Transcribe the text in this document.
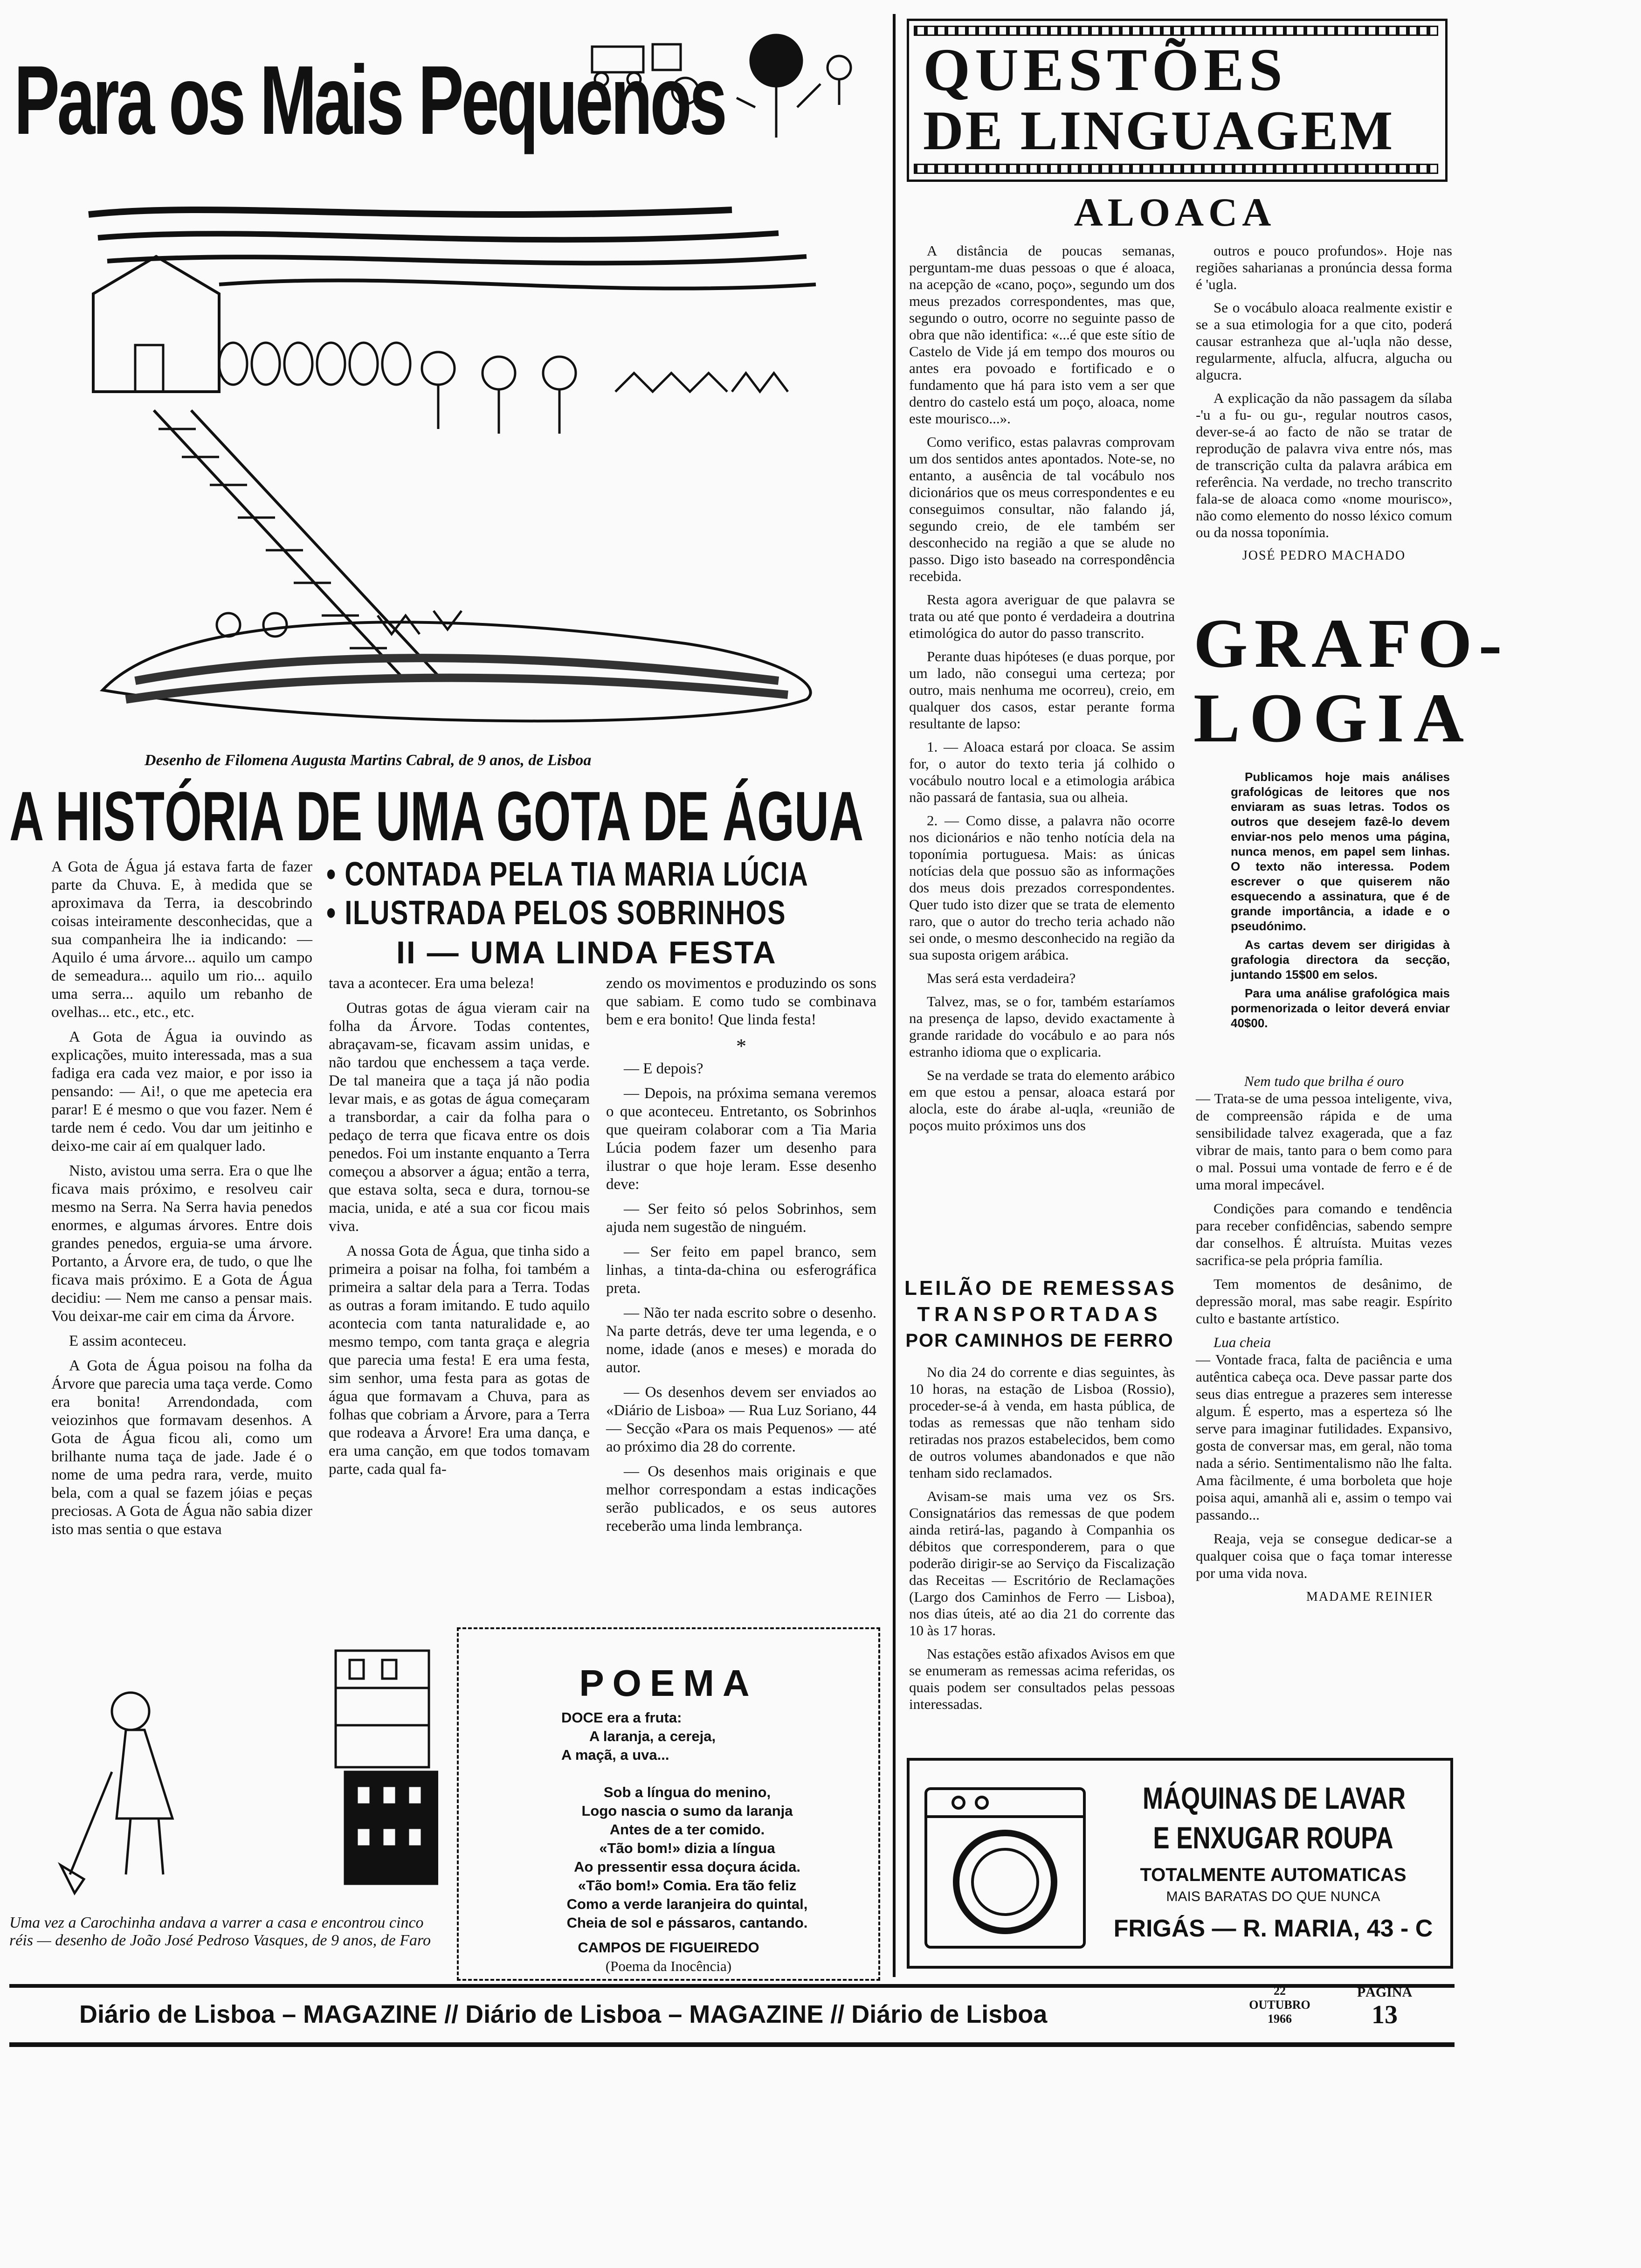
Para os Mais Pequenos
Desenho de Filomena Augusta Martins Cabral, de 9 anos, de Lisboa
A HISTÓRIA DE UMA GOTA DE ÁGUA
• CONTADA PELA TIA MARIA LÚCIA
• ILUSTRADA PELOS SOBRINHOS
II — UMA LINDA FESTA

A Gota de Água já estava farta de fazer parte da Chuva. E, à medida que se aproximava da Terra, ia descobrindo coisas inteiramente desconhecidas, que a sua companheira lhe ia indicando: — Aquilo é uma árvore... aquilo um campo de semeadura... aquilo um rio... aquilo uma serra... aquilo um rebanho de ovelhas... etc., etc., etc.

A Gota de Água ia ouvindo as explicações, muito interessada, mas a sua fadiga era cada vez maior, e por isso ia pensando: — Ai!, o que me apetecia era parar! E é mesmo o que vou fazer. Nem é tarde nem é cedo. Vou dar um jeitinho e deixo-me cair aí em qualquer lado.

Nisto, avistou uma serra. Era o que lhe ficava mais próximo, e resolveu cair mesmo na Serra. Na Serra havia penedos enormes, e algumas árvores. Entre dois grandes penedos, erguia-se uma árvore. Portanto, a Árvore era, de tudo, o que lhe ficava mais próximo. E a Gota de Água decidiu: — Nem me canso a pensar mais. Vou deixar-me cair em cima da Árvore.

E assim aconteceu.

A Gota de Água poisou na folha da Árvore que parecia uma taça verde. Como era bonita! Arrendondada, com veiozinhos que formavam desenhos. A Gota de Água ficou ali, como um brilhante numa taça de jade. Jade é o nome de uma pedra rara, verde, muito bela, com a qual se fazem jóias e peças preciosas. A Gota de Água não sabia dizer isto mas sentia o que estava

tava a acontecer. Era uma beleza!

Outras gotas de água vieram cair na folha da Árvore. Todas contentes, abraçavam-se, ficavam assim unidas, e não tardou que enchessem a taça verde. De tal maneira que a taça já não podia levar mais, e as gotas de água começaram a transbordar, a cair da folha para o pedaço de terra que ficava entre os dois penedos. Foi um instante enquanto a Terra começou a absorver a água; então a terra, que estava solta, seca e dura, tornou-se macia, unida, e até a sua cor ficou mais viva.

A nossa Gota de Água, que tinha sido a primeira a poisar na folha, foi também a primeira a saltar dela para a Terra. Todas as outras a foram imitando. E tudo aquilo acontecia com tanta naturalidade e, ao mesmo tempo, com tanta graça e alegria que parecia uma festa! E era uma festa, sim senhor, uma festa para as gotas de água que formavam a Chuva, para as folhas que cobriam a Árvore, para a Terra que rodeava a Árvore! Era uma dança, e era uma canção, em que todos tomavam parte, cada qual fa-

zendo os movimentos e produzindo os sons que sabiam. E como tudo se combinava bem e era bonito! Que linda festa!

*

— E depois?

— Depois, na próxima semana veremos o que aconteceu. Entretanto, os Sobrinhos que queiram colaborar com a Tia Maria Lúcia podem fazer um desenho para ilustrar o que hoje leram. Esse desenho deve:

— Ser feito só pelos Sobrinhos, sem ajuda nem sugestão de ninguém.

— Ser feito em papel branco, sem linhas, a tinta-da-china ou esferográfica preta.

— Não ter nada escrito sobre o desenho. Na parte detrás, deve ter uma legenda, e o nome, idade (anos e meses) e morada do autor.

— Os desenhos devem ser enviados ao «Diário de Lisboa» — Rua Luz Soriano, 44 — Secção «Para os mais Pequenos» — até ao próximo dia 28 do corrente.

— Os desenhos mais originais e que melhor correspondam a estas indicações serão publicados, e os seus autores receberão uma linda lembrança.

Uma vez a Carochinha andava a varrer a casa e encontrou cinco réis — desenho de João José Pedroso Vasques, de 9 anos, de Faro
POEMA
DOCE era a fruta:
A laranja, a cereja,
A maçã, a uva...
Sob a língua do menino,
Logo nascia o sumo da laranja
Antes de a ter comido.
«Tão bom!» dizia a língua
Ao pressentir essa doçura ácida.
«Tão bom!» Comia. Era tão feliz
Como a verde laranjeira do quintal,
Cheia de sol e pássaros, cantando.
CAMPOS DE FIGUEIREDO
(Poema da Inocência)
QUESTÕES
DE LINGUAGEM
ALOACA

A distância de poucas semanas, perguntam-me duas pessoas o que é aloaca, na acepção de «cano, poço», segundo um dos meus prezados correspondentes, mas que, segundo o outro, ocorre no seguinte passo de obra que não identifica: «...é que este sítio de Castelo de Vide já em tempo dos mouros ou antes era povoado e fortificado e o fundamento que há para isto vem a ser que dentro do castelo está um poço, aloaca, nome este mourisco...».

Como verifico, estas palavras comprovam um dos sentidos antes apontados. Note-se, no entanto, a ausência de tal vocábulo nos dicionários que os meus correspondentes e eu conseguimos consultar, não falando já, segundo creio, de ele também ser desconhecido na região a que se alude no passo. Digo isto baseado na correspondência recebida.

Resta agora averiguar de que palavra se trata ou até que ponto é verdadeira a doutrina etimológica do autor do passo transcrito.

Perante duas hipóteses (e duas porque, por um lado, não consegui uma certeza; por outro, mais nenhuma me ocorreu), creio, em qualquer dos casos, estar perante forma resultante de lapso:

1. — Aloaca estará por cloaca. Se assim for, o autor do texto teria já colhido o vocábulo noutro local e a etimologia arábica não passará de fantasia, sua ou alheia.

2. — Como disse, a palavra não ocorre nos dicionários e não tenho notícia dela na toponímia portuguesa. Mais: as únicas notícias dela que possuo são as informações dos meus dois prezados correspondentes. Quer tudo isto dizer que se trata de elemento raro, que o autor do trecho teria achado não sei onde, o mesmo desconhecido na região da sua suposta origem arábica.

Mas será esta verdadeira?

Talvez, mas, se o for, também estaríamos na presença de lapso, devido exactamente à grande raridade do vocábulo e ao para nós estranho idioma que o explicaria.

Se na verdade se trata do elemento arábico em que estou a pensar, aloaca estará por alocla, este do árabe al-uqla, «reunião de poços muito próximos uns dos

outros e pouco profundos». Hoje nas regiões saharianas a pronúncia dessa forma é 'ugla.

Se o vocábulo aloaca realmente existir e se a sua etimologia for a que cito, poderá causar estranheza que al-'uqla não desse, regularmente, alfucla, alfucra, algucha ou algucra.

A explicação da não passagem da sílaba -'u a fu- ou gu-, regular noutros casos, dever-se-á ao facto de não se tratar de reprodução de palavra viva entre nós, mas de transcrição culta da palavra arábica em referência. Na verdade, no trecho transcrito fala-se de aloaca como «nome mourisco», não como elemento do nosso léxico comum ou da nossa toponímia.

JOSÉ PEDRO MACHADO
GRAFO-
LOGIA

Publicamos hoje mais análises grafológicas de leitores que nos enviaram as suas letras. Todos os outros que desejem fazê-lo devem enviar-nos pelo menos uma página, nunca menos, em papel sem linhas. O texto não interessa. Podem escrever o que quiserem não esquecendo a assinatura, que é de grande importância, a idade e o pseudónimo.

As cartas devem ser dirigidas à grafologia directora da secção, juntando 15$00 em selos.

Para uma análise grafológica mais pormenorizada o leitor deverá enviar 40$00.

Nem tudo que brilha é ouro

— Trata-se de uma pessoa inteligente, viva, de compreensão rápida e de uma sensibilidade talvez exagerada, que a faz vibrar de mais, tanto para o bem como para o mal. Possui uma vontade de ferro e é de uma moral impecável.

Condições para comando e tendência para receber confidências, sabendo sempre dar conselhos. É altruísta. Muitas vezes sacrifica-se pela própria família.

Tem momentos de desânimo, de depressão moral, mas sabe reagir. Espírito culto e bastante artístico.

Lua cheia

— Vontade fraca, falta de paciência e uma autêntica cabeça oca. Deve passar parte dos seus dias entregue a prazeres sem interesse algum. É esperto, mas a esperteza só lhe serve para imaginar futilidades. Expansivo, gosta de conversar mas, em geral, não toma nada a sério. Sentimentalismo não lhe falta. Ama fàcilmente, é uma borboleta que hoje poisa aqui, amanhã ali e, assim o tempo vai passando...

Reaja, veja se consegue dedicar-se a qualquer coisa que o faça tomar interesse por uma vida nova.

MADAME REINIER
LEILÃO DE REMESSAS
TRANSPORTADAS
POR CAMINHOS DE FERRO

No dia 24 do corrente e dias seguintes, às 10 horas, na estação de Lisboa (Rossio), proceder-se-á à venda, em hasta pública, de todas as remessas que não tenham sido retiradas nos prazos estabelecidos, bem como de outros volumes abandonados e que não tenham sido reclamados.

Avisam-se mais uma vez os Srs. Consignatários das remessas de que podem ainda retirá-las, pagando à Companhia os débitos que corresponderem, para o que poderão dirigir-se ao Serviço da Fiscalização das Receitas — Escritório de Reclamações (Largo dos Caminhos de Ferro — Lisboa), nos dias úteis, até ao dia 21 do corrente das 10 às 17 horas.

Nas estações estão afixados Avisos em que se enumeram as remessas acima referidas, os quais podem ser consultados pelas pessoas interessadas.

MÁQUINAS DE LAVAR
E ENXUGAR ROUPA
TOTALMENTE AUTOMATICAS
MAIS BARATAS DO QUE NUNCA
FRIGÁS — R. MARIA, 43 - C
Diário de Lisboa – MAGAZINE // Diário de Lisboa – MAGAZINE // Diário de Lisboa
22
OUTUBRO
1966
PÁGINA
13
